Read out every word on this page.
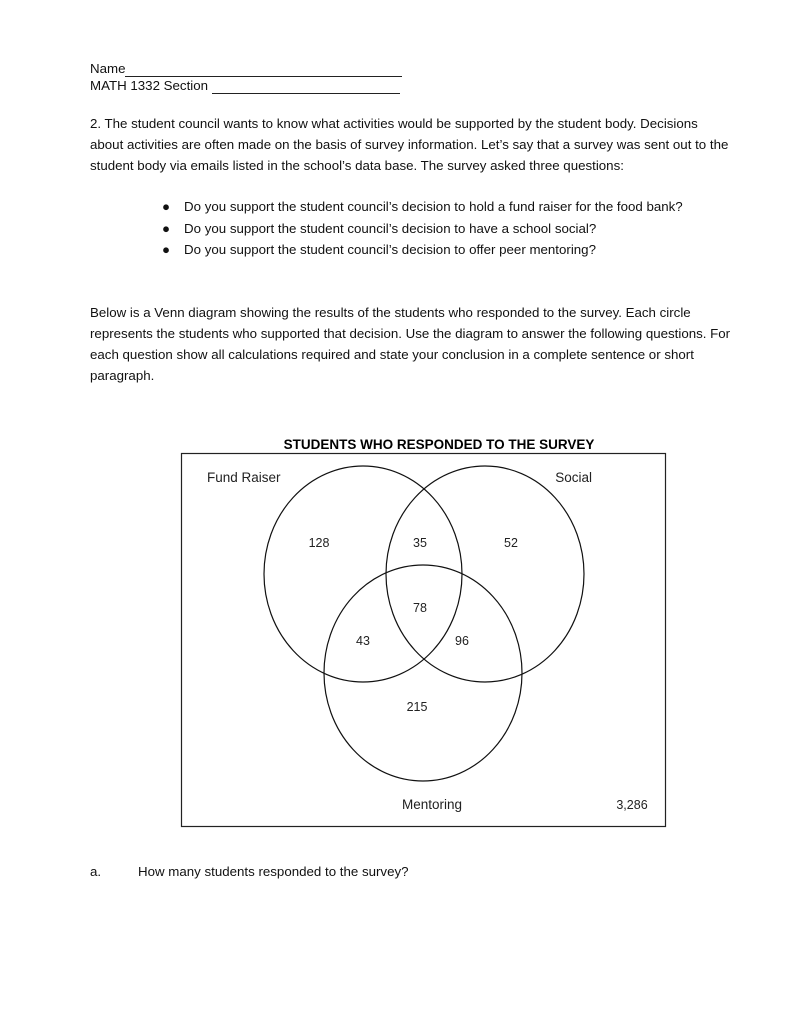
Name
MATH 1332 Section

2. The student council wants to know what activities would be supported by the student body. Decisions about activities are often made on the basis of survey information. Let’s say that a survey was sent out to the student body via emails listed in the school’s data base. The survey asked three questions:

● Do you support the student council’s decision to hold a fund raiser for the food bank?
● Do you support the student council’s decision to have a school social?
● Do you support the student council’s decision to offer peer mentoring?

Below is a Venn diagram showing the results of the students who responded to the survey. Each circle represents the students who supported that decision. Use the diagram to answer the following questions. For each question show all calculations required and state your conclusion in a complete sentence or short paragraph.

STUDENTS WHO RESPONDED TO THE SURVEY
Fund Raiser	Social
Mentoring
128	35	52
78
43	96
215
3,286
a.	How many students responded to the survey?
